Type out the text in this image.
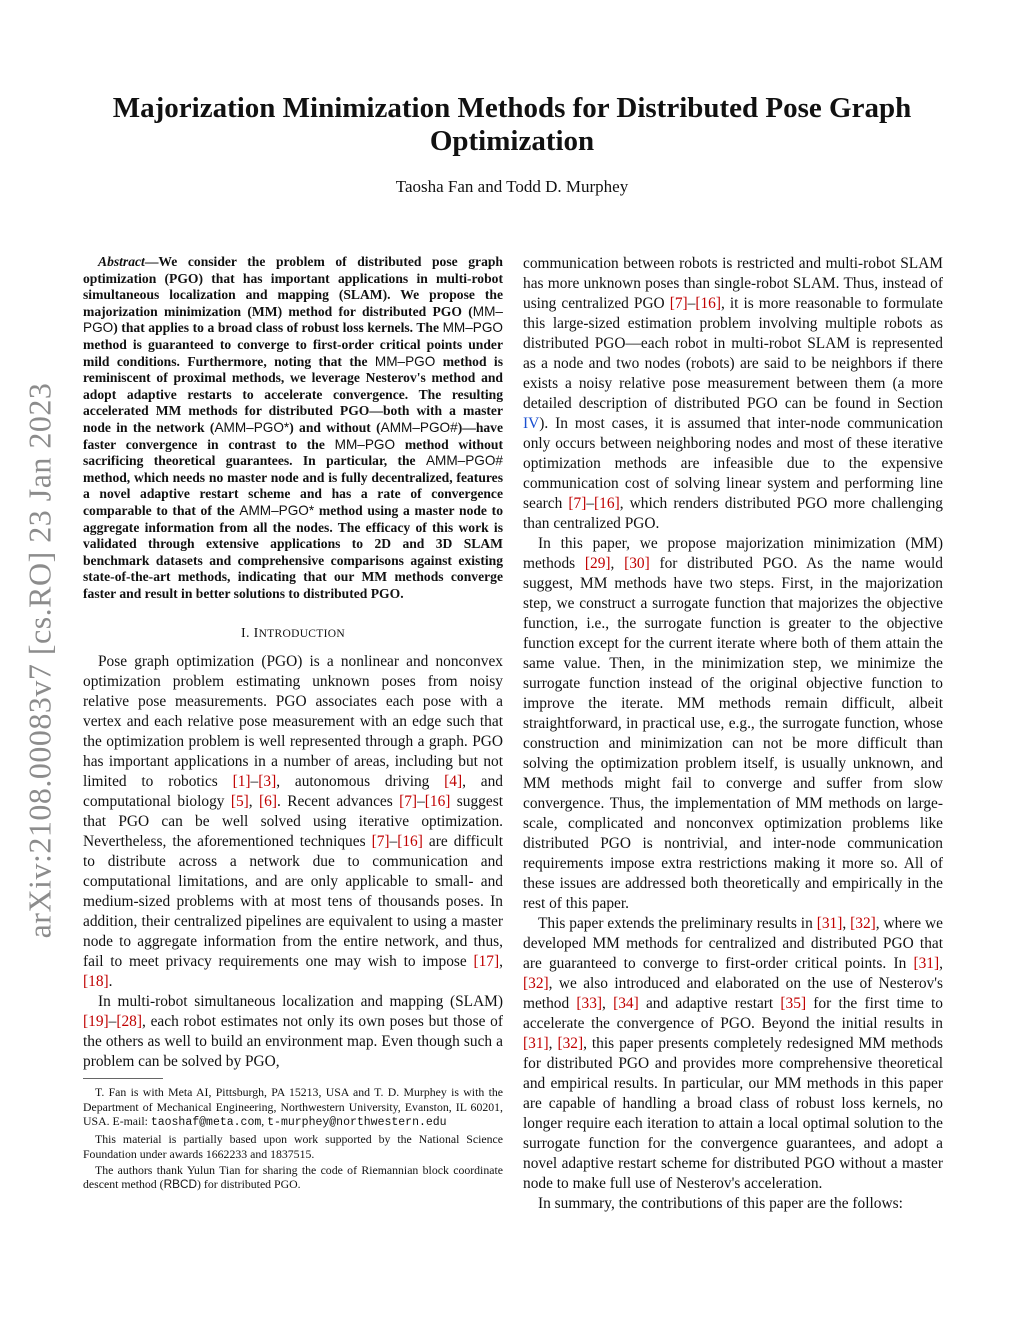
arXiv:2108.00083v7 [cs.RO] 23 Jan 2023
Majorization Minimization Methods for Distributed Pose Graph Optimization
Taosha Fan and Todd D. Murphey

Abstract—We consider the problem of distributed pose graph optimization (PGO) that has important applications in multi-robot simultaneous localization and mapping (SLAM). We propose the majorization minimization (MM) method for distributed PGO (MM–PGO) that applies to a broad class of robust loss kernels. The MM–PGO method is guaranteed to converge to first-order critical points under mild conditions. Furthermore, noting that the MM–PGO method is reminiscent of proximal methods, we leverage Nesterov's method and adopt adaptive restarts to accelerate convergence. The resulting accelerated MM methods for distributed PGO—both with a master node in the network (AMM–PGO*) and without (AMM–PGO#)—have faster convergence in contrast to the MM–PGO method without sacrificing theoretical guarantees. In particular, the AMM–PGO# method, which needs no master node and is fully decentralized, features a novel adaptive restart scheme and has a rate of convergence comparable to that of the AMM–PGO* method using a master node to aggregate information from all the nodes. The efficacy of this work is validated through extensive applications to 2D and 3D SLAM benchmark datasets and comprehensive comparisons against existing state-of-the-art methods, indicating that our MM methods converge faster and result in better solutions to distributed PGO.

I. INTRODUCTION

Pose graph optimization (PGO) is a nonlinear and nonconvex optimization problem estimating unknown poses from noisy relative pose measurements. PGO associates each pose with a vertex and each relative pose measurement with an edge such that the optimization problem is well represented through a graph. PGO has important applications in a number of areas, including but not limited to robotics [1]–[3], autonomous driving [4], and computational biology [5], [6]. Recent advances [7]–[16] suggest that PGO can be well solved using iterative optimization. Nevertheless, the aforementioned techniques [7]–[16] are difficult to distribute across a network due to communication and computational limitations, and are only applicable to small- and medium-sized problems with at most tens of thousands poses. In addition, their centralized pipelines are equivalent to using a master node to aggregate information from the entire network, and thus, fail to meet privacy requirements one may wish to impose [17], [18].

In multi-robot simultaneous localization and mapping (SLAM) [19]–[28], each robot estimates not only its own poses but those of the others as well to build an environment map. Even though such a problem can be solved by PGO,

T. Fan is with Meta AI, Pittsburgh, PA 15213, USA and T. D. Murphey is with the Department of Mechanical Engineering, Northwestern University, Evanston, IL 60201, USA. E-mail: taoshaf@meta.com, t-murphey@northwestern.edu

This material is partially based upon work supported by the National Science Foundation under awards 1662233 and 1837515.

The authors thank Yulun Tian for sharing the code of Riemannian block coordinate descent method (RBCD) for distributed PGO.

communication between robots is restricted and multi-robot SLAM has more unknown poses than single-robot SLAM. Thus, instead of using centralized PGO [7]–[16], it is more reasonable to formulate this large-sized estimation problem involving multiple robots as distributed PGO—each robot in multi-robot SLAM is represented as a node and two nodes (robots) are said to be neighbors if there exists a noisy relative pose measurement between them (a more detailed description of distributed PGO can be found in Section IV). In most cases, it is assumed that inter-node communication only occurs between neighboring nodes and most of these iterative optimization methods are infeasible due to the expensive communication cost of solving linear system and performing line search [7]–[16], which renders distributed PGO more challenging than centralized PGO.

In this paper, we propose majorization minimization (MM) methods [29], [30] for distributed PGO. As the name would suggest, MM methods have two steps. First, in the majorization step, we construct a surrogate function that majorizes the objective function, i.e., the surrogate function is greater to the objective function except for the current iterate where both of them attain the same value. Then, in the minimization step, we minimize the surrogate function instead of the original objective function to improve the iterate. MM methods remain difficult, albeit straightforward, in practical use, e.g., the surrogate function, whose construction and minimization can not be more difficult than solving the optimization problem itself, is usually unknown, and MM methods might fail to converge and suffer from slow convergence. Thus, the implementation of MM methods on large-scale, complicated and nonconvex optimization problems like distributed PGO is nontrivial, and inter-node communication requirements impose extra restrictions making it more so. All of these issues are addressed both theoretically and empirically in the rest of this paper.

This paper extends the preliminary results in [31], [32], where we developed MM methods for centralized and distributed PGO that are guaranteed to converge to first-order critical points. In [31], [32], we also introduced and elaborated on the use of Nesterov's method [33], [34] and adaptive restart [35] for the first time to accelerate the convergence of PGO. Beyond the initial results in [31], [32], this paper presents completely redesigned MM methods for distributed PGO and provides more comprehensive theoretical and empirical results. In particular, our MM methods in this paper are capable of handling a broad class of robust loss kernels, no longer require each iteration to attain a local optimal solution to the surrogate function for the convergence guarantees, and adopt a novel adaptive restart scheme for distributed PGO without a master node to make full use of Nesterov's acceleration.

In summary, the contributions of this paper are the follows:
